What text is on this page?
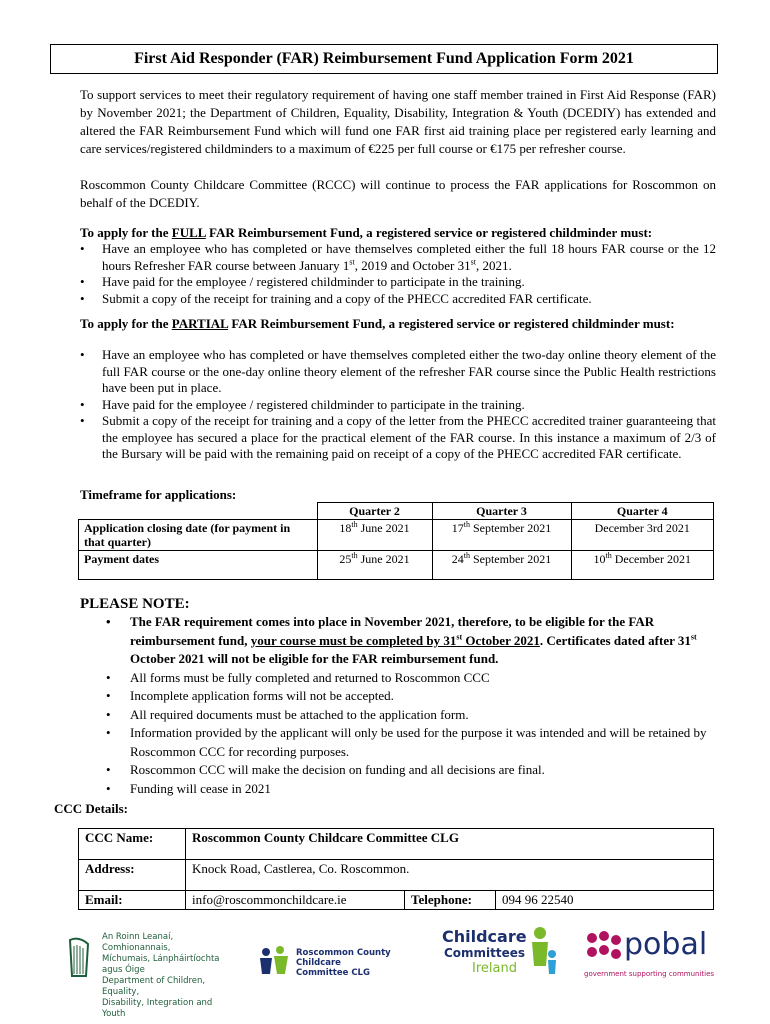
First Aid Responder (FAR) Reimbursement Fund Application Form 2021

To support services to meet their regulatory requirement of having one staff member trained in First Aid Response (FAR) by November 2021; the Department of Children, Equality, Disability, Integration & Youth (DCEDIY) has extended and altered the FAR Reimbursement Fund which will fund one FAR first aid training place per registered early learning and care services/registered childminders to a maximum of €225 per full course or €175 per refresher course.

Roscommon County Childcare Committee (RCCC) will continue to process the FAR applications for Roscommon on behalf of the DCEDIY.

To apply for the FULL FAR Reimbursement Fund, a registered service or registered childminder must:

• Have an employee who has completed or have themselves completed either the full 18 hours FAR course or the 12 hours Refresher FAR course between January 1st, 2019 and October 31st, 2021.
• Have paid for the employee / registered childminder to participate in the training.
• Submit a copy of the receipt for training and a copy of the PHECC accredited FAR certificate.

To apply for the PARTIAL FAR Reimbursement Fund, a registered service or registered childminder must:

• Have an employee who has completed or have themselves completed either the two-day online theory element of the full FAR course or the one-day online theory element of the refresher FAR course since the Public Health restrictions have been put in place.
• Have paid for the employee / registered childminder to participate in the training.
• Submit a copy of the receipt for training and a copy of the letter from the PHECC accredited trainer guaranteeing that the employee has secured a place for the practical element of the FAR course. In this instance a maximum of 2/3 of the Bursary will be paid with the remaining paid on receipt of a copy of the PHECC accredited FAR certificate.
Timeframe for applications:
	Quarter 2	Quarter 3	Quarter 4
Application closing date (for payment in that quarter)	18th June 2021	17th September 2021	December 3rd 2021
Payment dates	25th June 2021	24th September 2021	10th December 2021
PLEASE NOTE:
• The FAR requirement comes into place in November 2021, therefore, to be eligible for the FAR reimbursement fund, your course must be completed by 31st October 2021. Certificates dated after 31st October 2021 will not be eligible for the FAR reimbursement fund.
• All forms must be fully completed and returned to Roscommon CCC
• Incomplete application forms will not be accepted.
• All required documents must be attached to the application form.
• Information provided by the applicant will only be used for the purpose it was intended and will be retained by Roscommon CCC for recording purposes.
• Roscommon CCC will make the decision on funding and all decisions are final.
• Funding will cease in 2021
CCC Details:
CCC Name:	Roscommon County Childcare Committee CLG		
Address:	Knock Road, Castlerea, Co. Roscommon.		
Email:	info@roscommonchildcare.ie	Telephone:	094 96 22540
An Roinn Leanaí, Comhionannais,
Míchumais, Lánpháirtíochta agus Óige
Department of Children, Equality,
Disability, Integration and Youth
Roscommon County
Childcare
Committee CLG
Childcare
Committees
Ireland
pobal
government supporting communities
